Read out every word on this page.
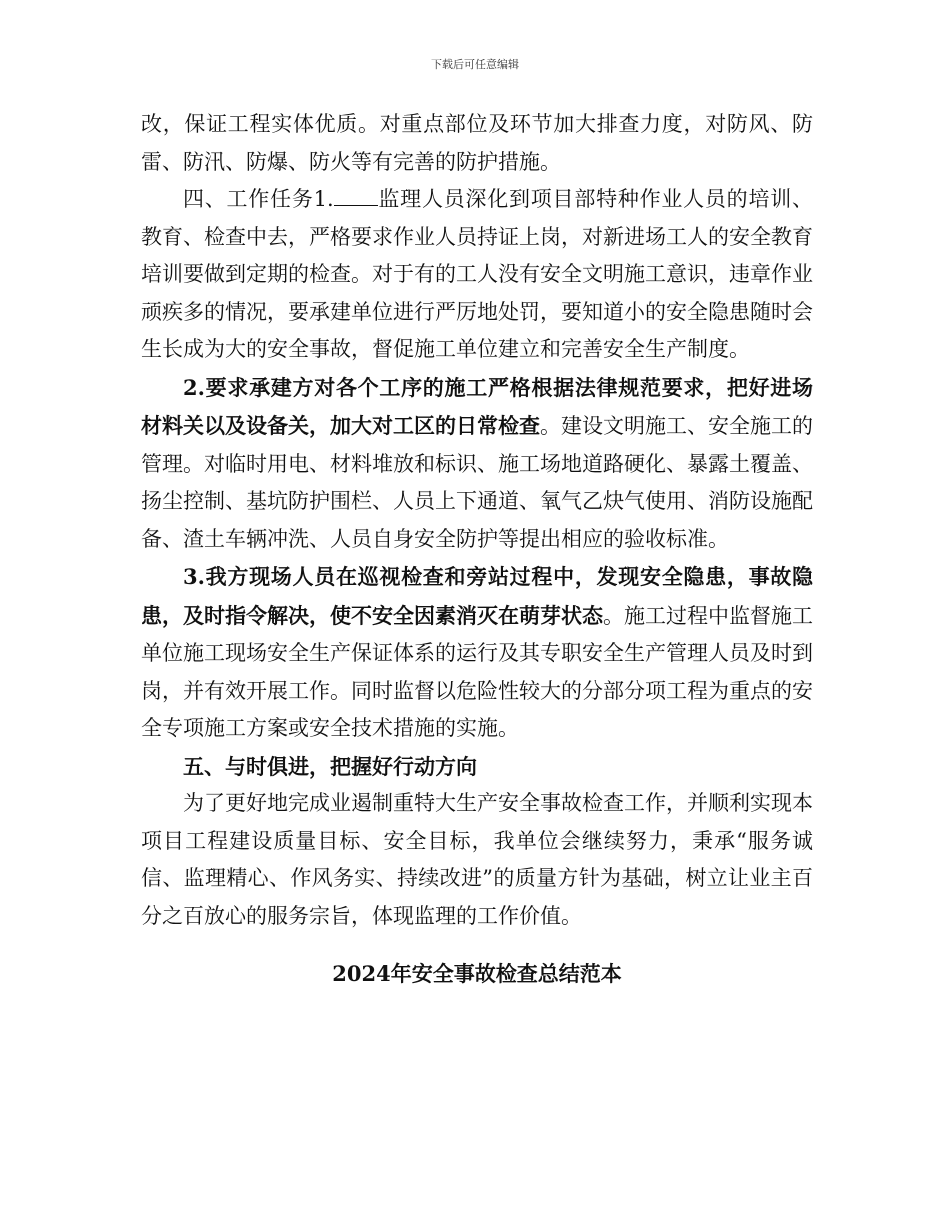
下载后可任意编辑

改，保证工程实体优质。对重点部位及环节加大排查力度，对防风、防雷、防汛、防爆、防火等有完善的防护措施。

四、工作任务1. 监理人员深化到项目部特种作业人员的培训、教育、检查中去，严格要求作业人员持证上岗，对新进场工人的安全教育培训要做到定期的检查。对于有的工人没有安全文明施工意识，违章作业顽疾多的情况，要承建单位进行严厉地处罚，要知道小的安全隐患随时会生长成为大的安全事故，督促施工单位建立和完善安全生产制度。

2.要求承建方对各个工序的施工严格根据法律规范要求，把好进场材料关以及设备关，加大对工区的日常检查。建设文明施工、安全施工的管理。对临时用电、材料堆放和标识、施工场地道路硬化、暴露土覆盖、扬尘控制、基坑防护围栏、人员上下通道、氧气乙炔气使用、消防设施配备、渣土车辆冲洗、人员自身安全防护等提出相应的验收标准。

3.我方现场人员在巡视检查和旁站过程中，发现安全隐患，事故隐患，及时指令解决，使不安全因素消灭在萌芽状态。施工过程中监督施工单位施工现场安全生产保证体系的运行及其专职安全生产管理人员及时到岗，并有效开展工作。同时监督以危险性较大的分部分项工程为重点的安全专项施工方案或安全技术措施的实施。

五、与时俱进，把握好行动方向

为了更好地完成业遏制重特大生产安全事故检查工作，并顺利实现本项目工程建设质量目标、安全目标，我单位会继续努力，秉承“服务诚信、监理精心、作风务实、持续改进”的质量方针为基础，树立让业主百分之百放心的服务宗旨，体现监理的工作价值。

2024年安全事故检查总结范本
